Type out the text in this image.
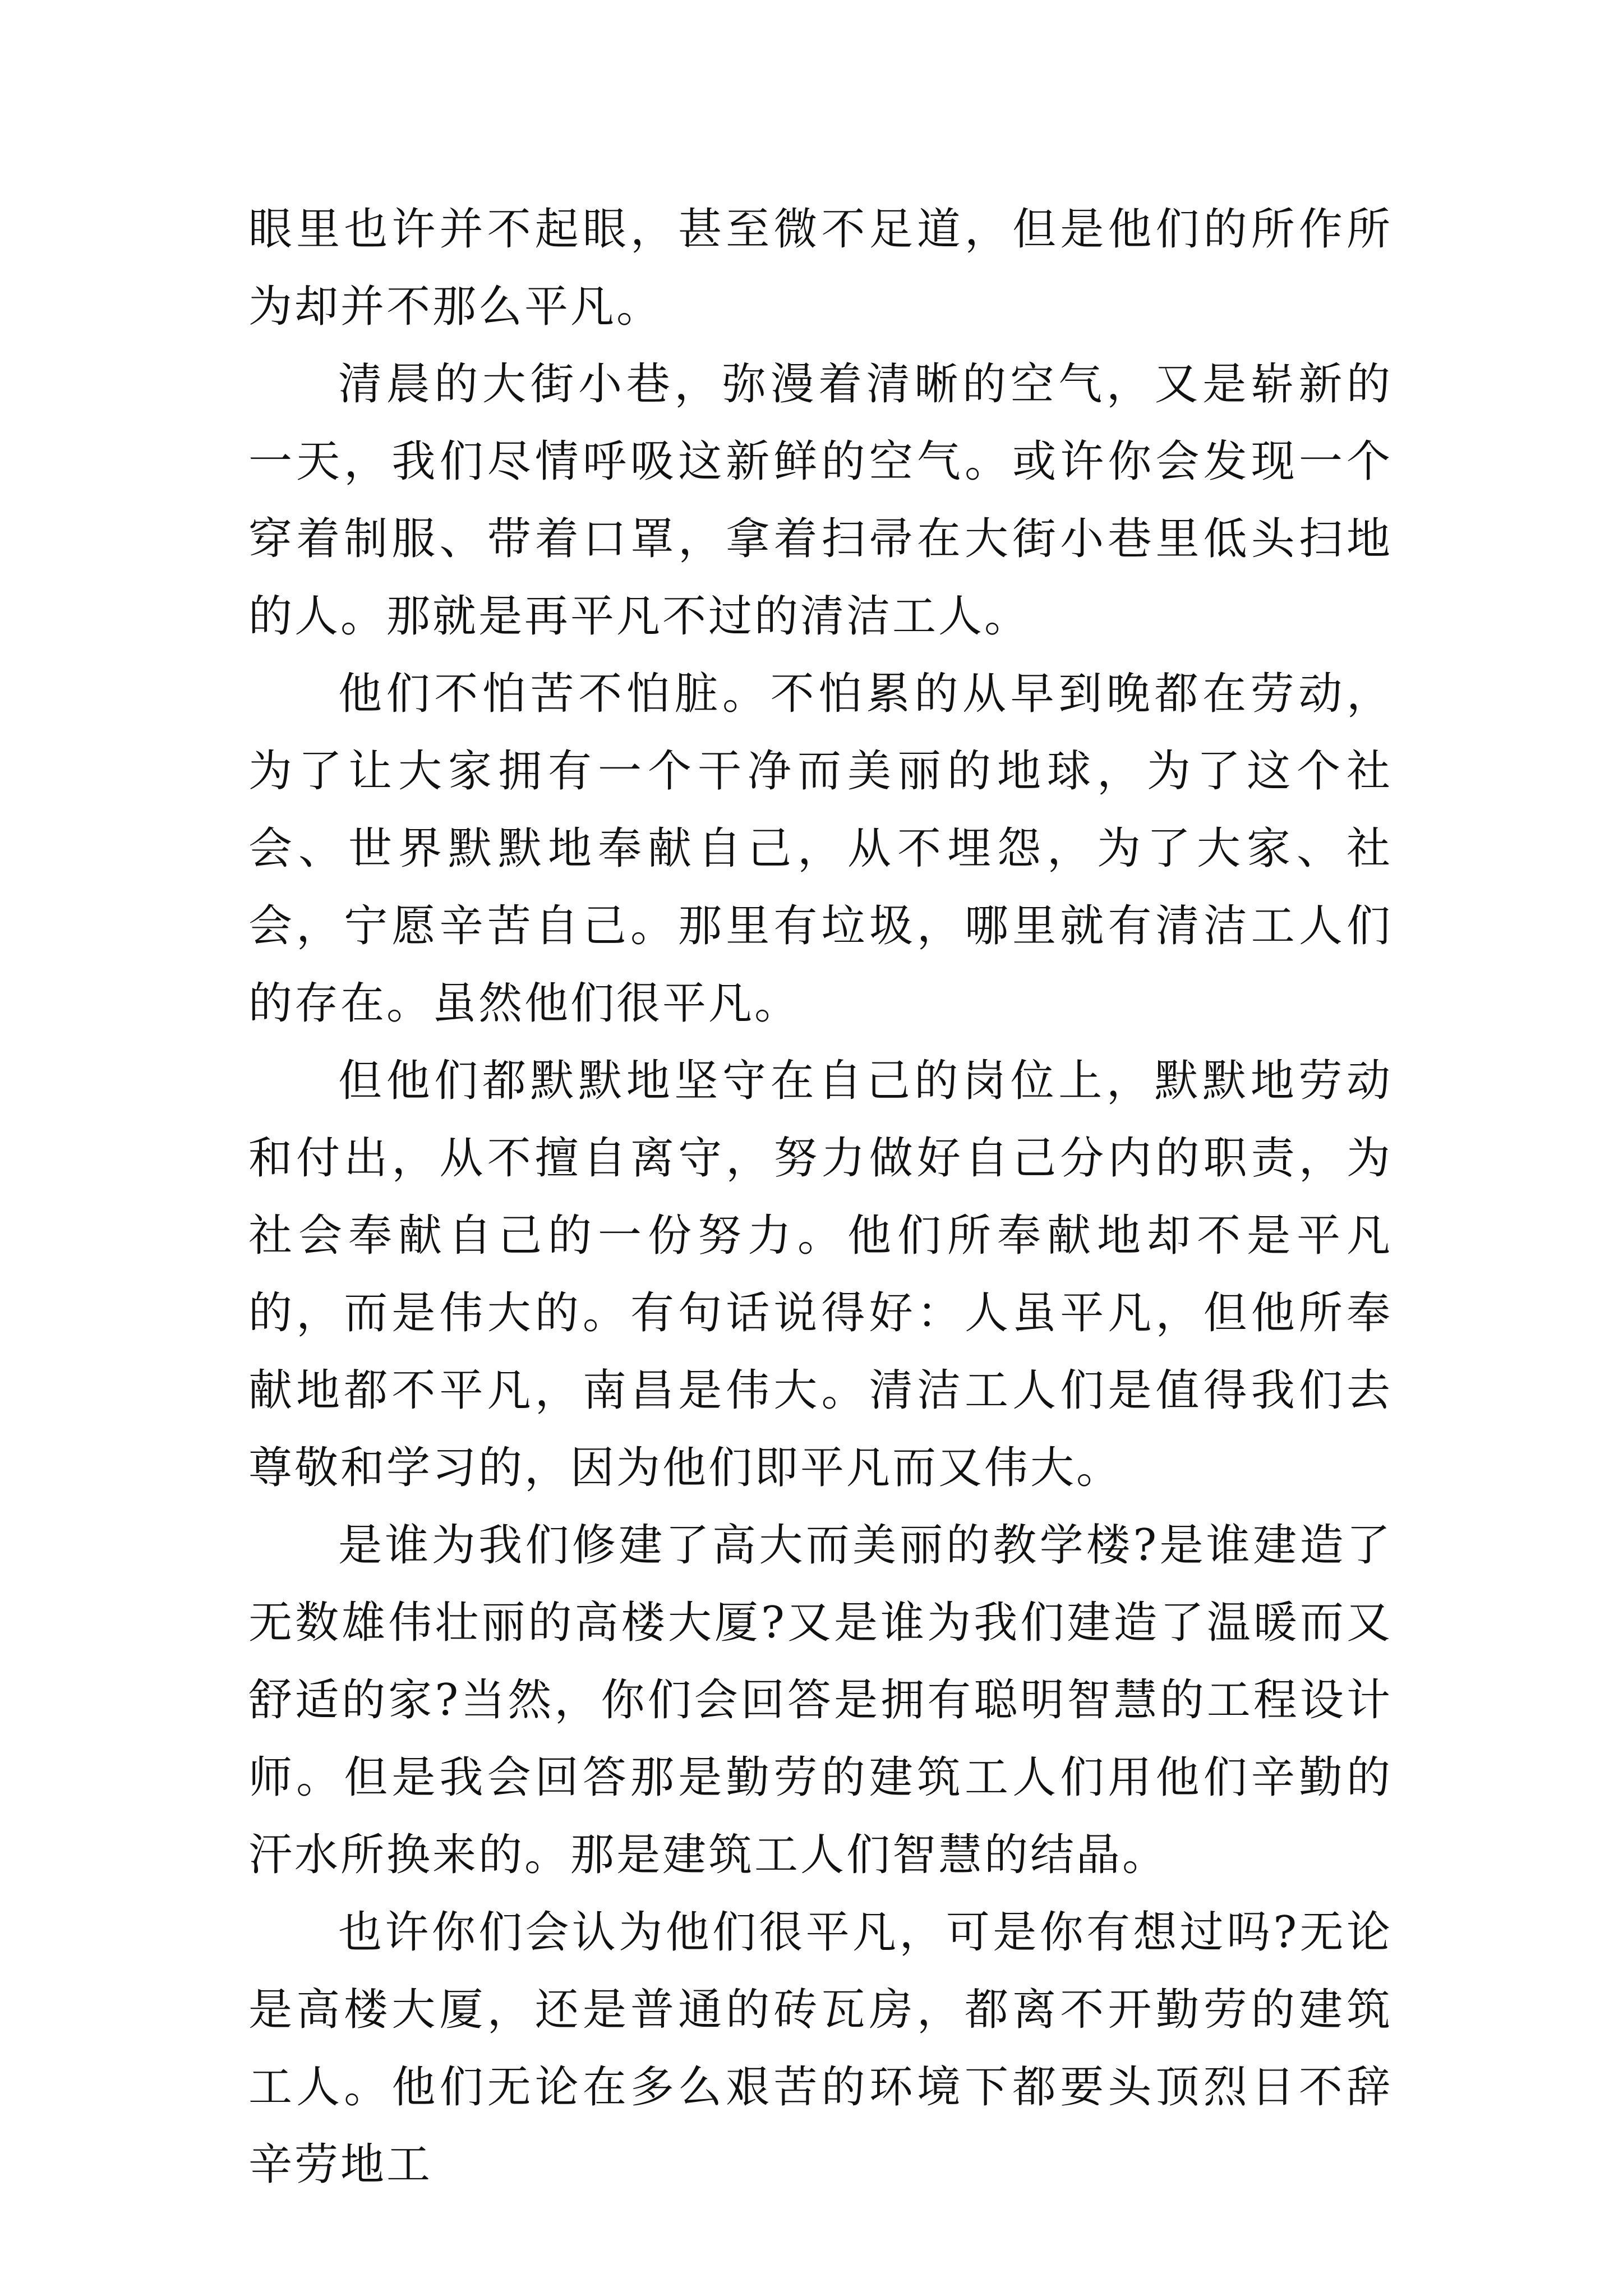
眼里也许并不起眼，甚至微不足道，但是他们的所作所为却并不那么平凡。

清晨的大街小巷，弥漫着清晰的空气，又是崭新的一天，我们尽情呼吸这新鲜的空气。或许你会发现一个穿着制服、带着口罩，拿着扫帚在大街小巷里低头扫地的人。那就是再平凡不过的清洁工人。

他们不怕苦不怕脏。不怕累的从早到晚都在劳动，为了让大家拥有一个干净而美丽的地球，为了这个社会、世界默默地奉献自己，从不埋怨，为了大家、社会，宁愿辛苦自己。那里有垃圾，哪里就有清洁工人们的存在。虽然他们很平凡。

但他们都默默地坚守在自己的岗位上，默默地劳动和付出，从不擅自离守，努力做好自己分内的职责，为社会奉献自己的一份努力。他们所奉献地却不是平凡的，而是伟大的。有句话说得好：人虽平凡，但他所奉献地都不平凡，南昌是伟大。清洁工人们是值得我们去尊敬和学习的，因为他们即平凡而又伟大。

是谁为我们修建了高大而美丽的教学楼?是谁建造了无数雄伟壮丽的高楼大厦?又是谁为我们建造了温暖而又舒适的家?当然，你们会回答是拥有聪明智慧的工程设计师。但是我会回答那是勤劳的建筑工人们用他们辛勤的汗水所换来的。那是建筑工人们智慧的结晶。

也许你们会认为他们很平凡，可是你有想过吗?无论是高楼大厦，还是普通的砖瓦房，都离不开勤劳的建筑工人。他们无论在多么艰苦的环境下都要头顶烈日不辞辛劳地工
